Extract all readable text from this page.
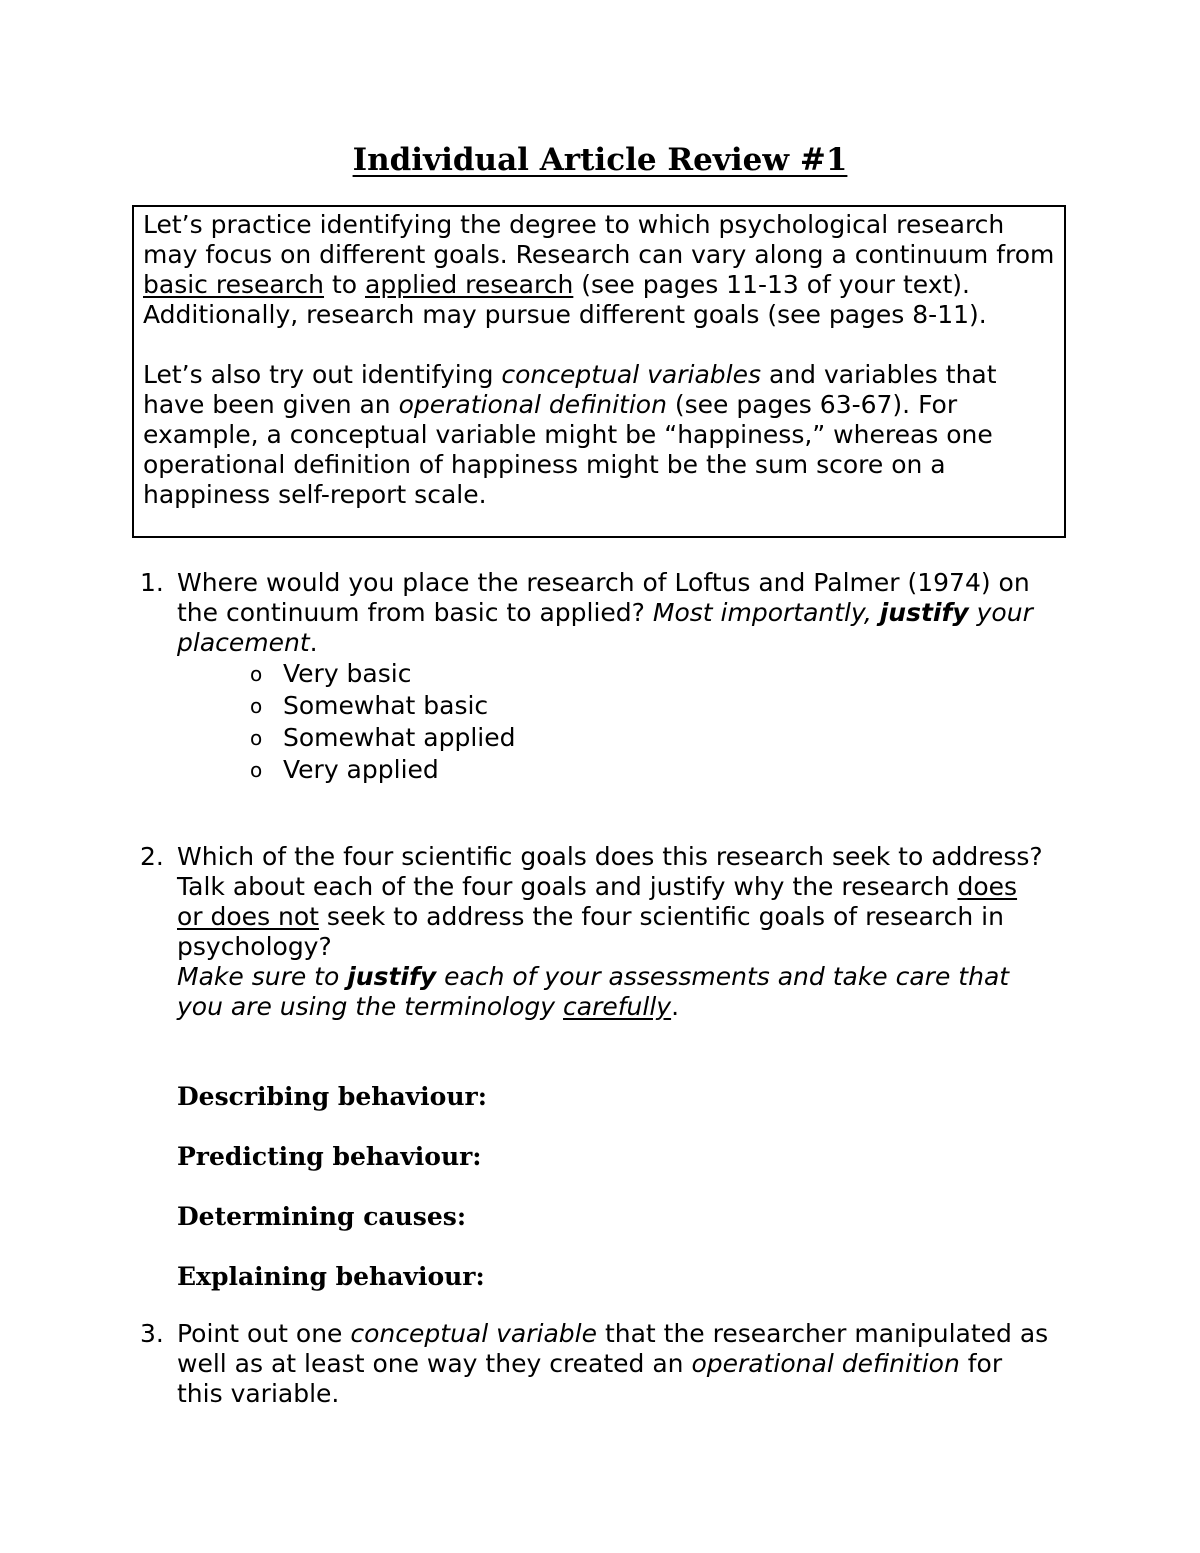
Individual Article Review #1

Let’s practice identifying the degree to which psychological research may focus on different goals. Research can vary along a continuum from basic research to applied research (see pages 11-13 of your text). Additionally, research may pursue different goals (see pages 8-11).

Let’s also try out identifying conceptual variables and variables that have been given an operational definition (see pages 63-67). For example, a conceptual variable might be “happiness,” whereas one operational definition of happiness might be the sum score on a happiness self-report scale.

1. Where would you place the research of Loftus and Palmer (1974) on the continuum from basic to applied? Most importantly, justify your placement.

o Very basic
o Somewhat basic
o Somewhat applied
o Very applied
2. Which of the four scientific goals does this research seek to address? Talk about each of the four goals and justify why the research does or does not seek to address the four scientific goals of research in psychology?

Make sure to justify each of your assessments and take care that you are using the terminology carefully.

Describing behaviour:
Predicting behaviour:
Determining causes:
Explaining behaviour:
3. Point out one conceptual variable that the researcher manipulated as well as at least one way they created an operational definition for this variable.
